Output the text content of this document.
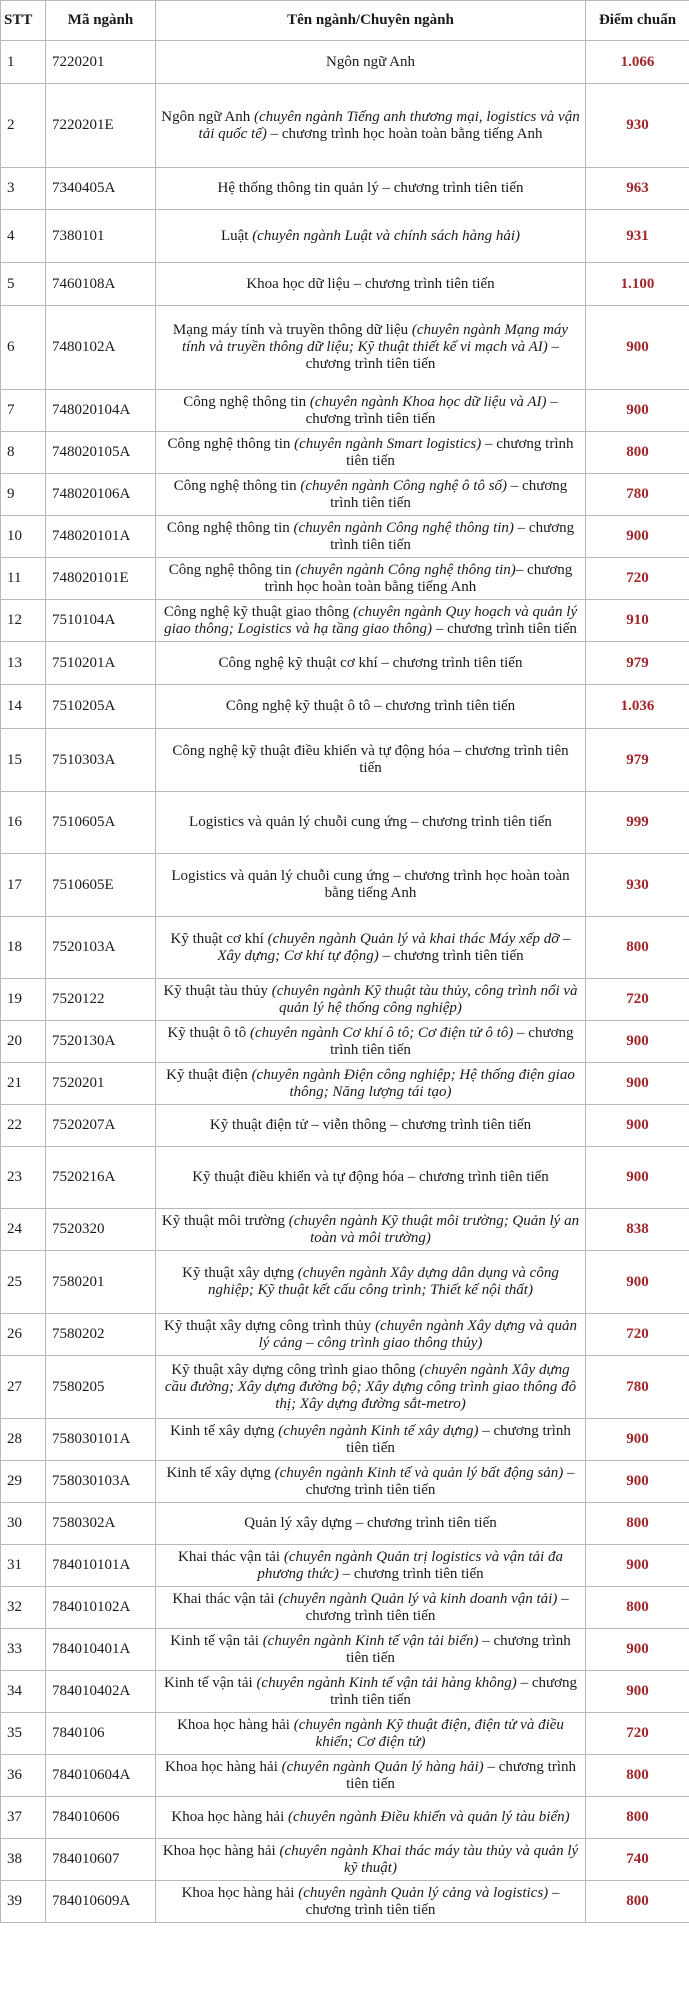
STT	Mã ngành	Tên ngành/Chuyên ngành	Điểm chuẩn
1	7220201	Ngôn ngữ Anh	1.066
2	7220201E	Ngôn ngữ Anh (chuyên ngành Tiếng anh thương mại, logistics và vận tải quốc tế) – chương trình học hoàn toàn bằng tiếng Anh	930
3	7340405A	Hệ thống thông tin quản lý – chương trình tiên tiến	963
4	7380101	Luật (chuyên ngành Luật và chính sách hàng hải)	931
5	7460108A	Khoa học dữ liệu – chương trình tiên tiến	1.100
6	7480102A	Mạng máy tính và truyền thông dữ liệu (chuyên ngành Mạng máy tính và truyền thông dữ liệu; Kỹ thuật thiết kế vi mạch và AI) – chương trình tiên tiến	900
7	748020104A	Công nghệ thông tin (chuyên ngành Khoa học dữ liệu và AI) – chương trình tiên tiến	900
8	748020105A	Công nghệ thông tin (chuyên ngành Smart logistics) – chương trình tiên tiến	800
9	748020106A	Công nghệ thông tin (chuyên ngành Công nghệ ô tô số) – chương trình tiên tiến	780
10	748020101A	Công nghệ thông tin (chuyên ngành Công nghệ thông tin) – chương trình tiên tiến	900
11	748020101E	Công nghệ thông tin (chuyên ngành Công nghệ thông tin)– chương trình học hoàn toàn bằng tiếng Anh	720
12	7510104A	Công nghệ kỹ thuật giao thông (chuyên ngành Quy hoạch và quản lý giao thông; Logistics và hạ tầng giao thông) – chương trình tiên tiến	910
13	7510201A	Công nghệ kỹ thuật cơ khí – chương trình tiên tiến	979
14	7510205A	Công nghệ kỹ thuật ô tô – chương trình tiên tiến	1.036
15	7510303A	Công nghệ kỹ thuật điều khiển và tự động hóa – chương trình tiên tiến	979
16	7510605A	Logistics và quản lý chuỗi cung ứng – chương trình tiên tiến	999
17	7510605E	Logistics và quản lý chuỗi cung ứng – chương trình học hoàn toàn bằng tiếng Anh	930
18	7520103A	Kỹ thuật cơ khí (chuyên ngành Quản lý và khai thác Máy xếp dỡ – Xây dựng; Cơ khí tự động) – chương trình tiên tiến	800
19	7520122	Kỹ thuật tàu thủy (chuyên ngành Kỹ thuật tàu thủy, công trình nổi và quản lý hệ thống công nghiệp)	720
20	7520130A	Kỹ thuật ô tô (chuyên ngành Cơ khí ô tô; Cơ điện tử ô tô) – chương trình tiên tiến	900
21	7520201	Kỹ thuật điện (chuyên ngành Điện công nghiệp; Hệ thống điện giao thông; Năng lượng tái tạo)	900
22	7520207A	Kỹ thuật điện tử – viễn thông – chương trình tiên tiến	900
23	7520216A	Kỹ thuật điều khiển và tự động hóa – chương trình tiên tiến	900
24	7520320	Kỹ thuật môi trường (chuyên ngành Kỹ thuật môi trường; Quản lý an toàn và môi trường)	838
25	7580201	Kỹ thuật xây dựng (chuyên ngành Xây dựng dân dụng và công nghiệp; Kỹ thuật kết cấu công trình; Thiết kế nội thất)	900
26	7580202	Kỹ thuật xây dựng công trình thủy (chuyên ngành Xây dựng và quản lý cảng – công trình giao thông thủy)	720
27	7580205	Kỹ thuật xây dựng công trình giao thông (chuyên ngành Xây dựng cầu đường; Xây dựng đường bộ; Xây dựng công trình giao thông đô thị; Xây dựng đường sắt-metro)	780
28	758030101A	Kinh tế xây dựng (chuyên ngành Kinh tế xây dựng) – chương trình tiên tiến	900
29	758030103A	Kinh tế xây dựng (chuyên ngành Kinh tế và quản lý bất động sản) – chương trình tiên tiến	900
30	7580302A	Quản lý xây dựng – chương trình tiên tiến	800
31	784010101A	Khai thác vận tải (chuyên ngành Quản trị logistics và vận tải đa phương thức) – chương trình tiên tiến	900
32	784010102A	Khai thác vận tải (chuyên ngành Quản lý và kinh doanh vận tải) – chương trình tiên tiến	800
33	784010401A	Kinh tế vận tải (chuyên ngành Kinh tế vận tải biển) – chương trình tiên tiến	900
34	784010402A	Kinh tế vận tải (chuyên ngành Kinh tế vận tải hàng không) – chương trình tiên tiến	900
35	7840106	Khoa học hàng hải (chuyên ngành Kỹ thuật điện, điện tử và điều khiển; Cơ điện tử)	720
36	784010604A	Khoa học hàng hải (chuyên ngành Quản lý hàng hải) – chương trình tiên tiến	800
37	784010606	Khoa học hàng hải (chuyên ngành Điều khiển và quản lý tàu biển)	800
38	784010607	Khoa học hàng hải (chuyên ngành Khai thác máy tàu thủy và quản lý kỹ thuật)	740
39	784010609A	Khoa học hàng hải (chuyên ngành Quản lý cảng và logistics) – chương trình tiên tiến	800
